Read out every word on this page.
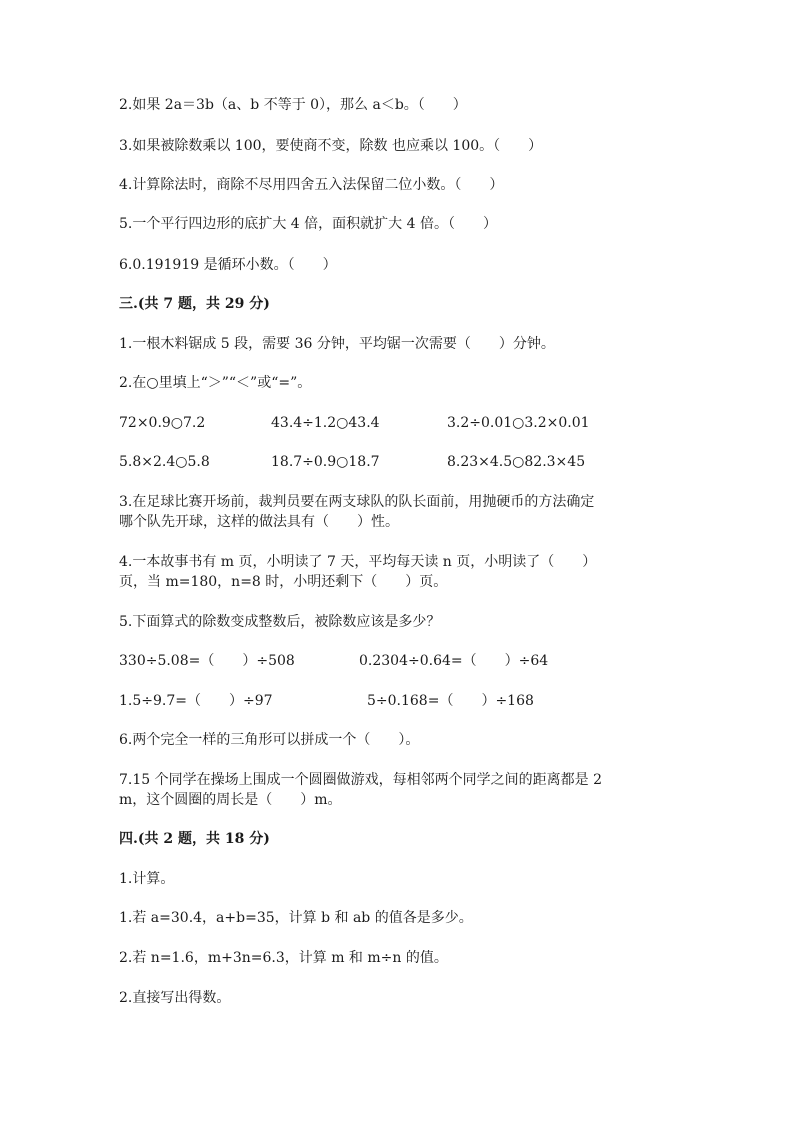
2.如果 2a＝3b（a、b 不等于 0），那么 a＜b。（　　）
3.如果被除数乘以 100，要使商不变，除数 也应乘以 100。（　　）
4.计算除法时，商除不尽用四舍五入法保留二位小数。（　　）
5.一个平行四边形的底扩大 4 倍，面积就扩大 4 倍。（　　）
6.0.191919 是循环小数。（　　）
三.(共 7 题，共 29 分)
1.一根木料锯成 5 段，需要 36 分钟，平均锯一次需要（　　）分钟。
2.在○里填上“＞”“＜”或“=”。
72×0.9○7.2	43.4÷1.2○43.4	3.2÷0.01○3.2×0.01
5.8×2.4○5.8	18.7÷0.9○18.7	8.23×4.5○82.3×45
3.在足球比赛开场前，裁判员要在两支球队的队长面前，用抛硬币的方法确定
哪个队先开球，这样的做法具有（　　）性。
4.一本故事书有 m 页，小明读了 7 天，平均每天读 n 页，小明读了（　　）
页，当 m=180，n=8 时，小明还剩下（　　）页。
5.下面算式的除数变成整数后，被除数应该是多少？
330÷5.08=（　　）÷508	0.2304÷0.64=（　　）÷64
1.5÷9.7=（　　）÷97	5÷0.168=（　　）÷168
6.两个完全一样的三角形可以拼成一个（　　）。
7.15 个同学在操场上围成一个圆圈做游戏，每相邻两个同学之间的距离都是 2
m，这个圆圈的周长是（　　）m。
四.(共 2 题，共 18 分)
1.计算。
1.若 a=30.4，a+b=35，计算 b 和 ab 的值各是多少。
2.若 n=1.6，m+3n=6.3，计算 m 和 m÷n 的值。
2.直接写出得数。
